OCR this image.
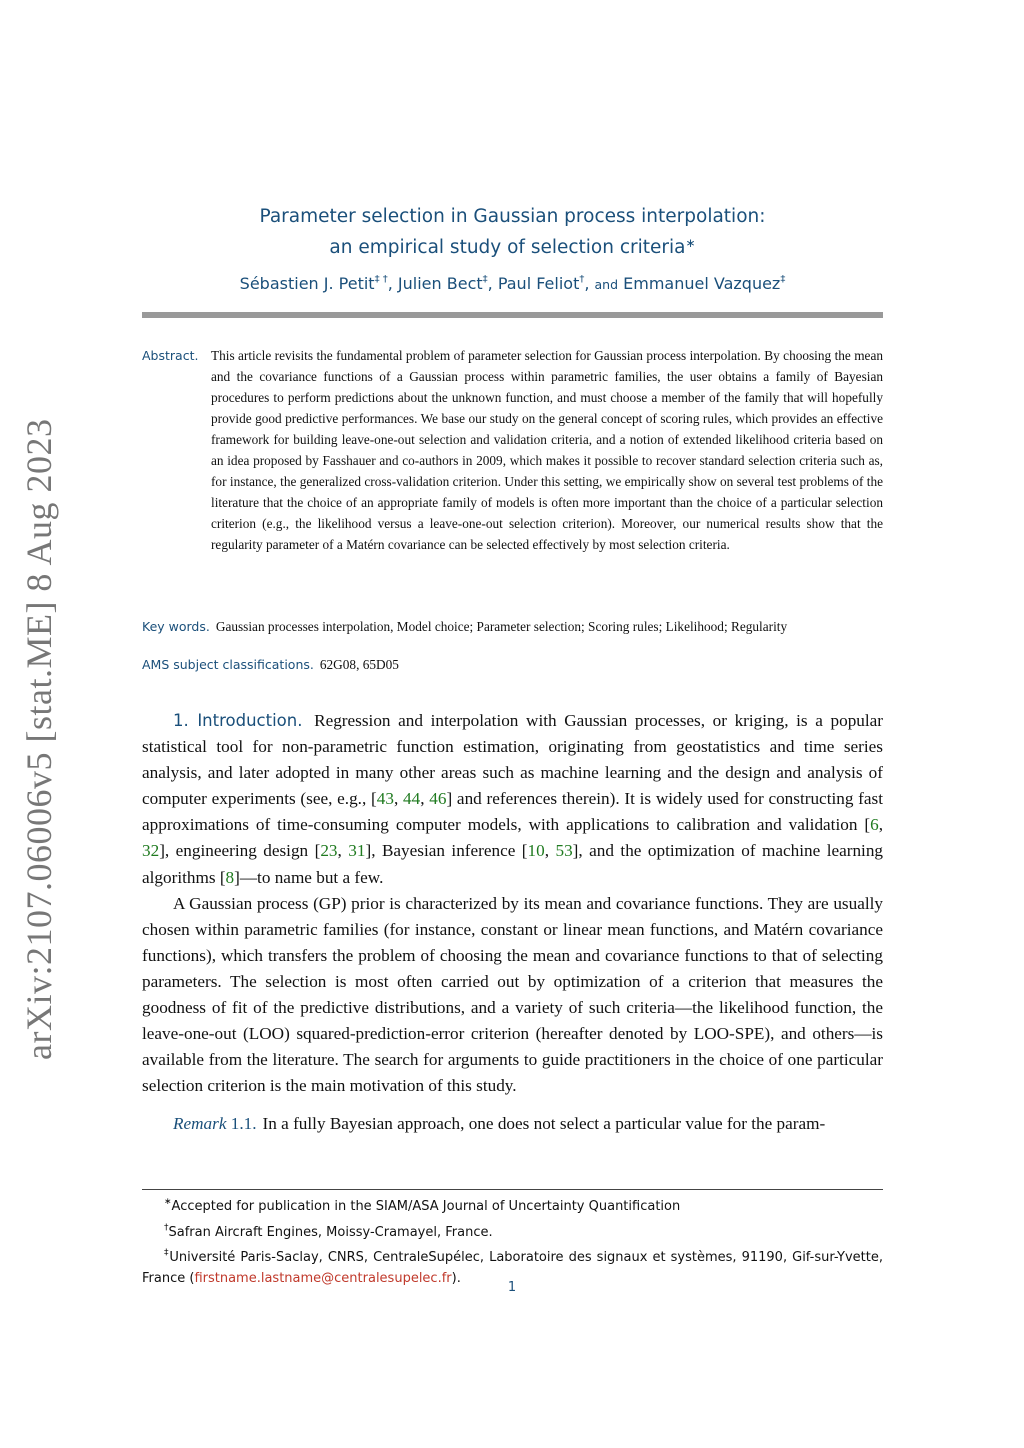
arXiv:2107.06006v5 [stat.ME] 8 Aug 2023
Parameter selection in Gaussian process interpolation:
an empirical study of selection criteria∗
Sébastien J. Petit‡ †, Julien Bect‡, Paul Feliot†, and Emmanuel Vazquez‡
Abstract. This article revisits the fundamental problem of parameter selection for Gaussian process interpolation. By choosing the mean and the covariance functions of a Gaussian process within parametric families, the user obtains a family of Bayesian procedures to perform predictions about the unknown function, and must choose a member of the family that will hopefully provide good predictive performances. We base our study on the general concept of scoring rules, which provides an effective framework for building leave-one-out selection and validation criteria, and a notion of extended likelihood criteria based on an idea proposed by Fasshauer and co-authors in 2009, which makes it possible to recover standard selection criteria such as, for instance, the generalized cross-validation criterion. Under this setting, we empirically show on several test problems of the literature that the choice of an appropriate family of models is often more important than the choice of a particular selection criterion (e.g., the likelihood versus a leave-one-out selection criterion). Moreover, our numerical results show that the regularity parameter of a Matérn covariance can be selected effectively by most selection criteria.
Key words. Gaussian processes interpolation, Model choice; Parameter selection; Scoring rules; Likelihood; Regularity
AMS subject classifications. 62G08, 65D05

1. Introduction. Regression and interpolation with Gaussian processes, or kriging, is a popular statistical tool for non-parametric function estimation, originating from geostatistics and time series analysis, and later adopted in many other areas such as machine learning and the design and analysis of computer experiments (see, e.g., [43, 44, 46] and references therein). It is widely used for constructing fast approximations of time-consuming computer models, with applications to calibration and validation [6, 32], engineering design [23, 31], Bayesian inference [10, 53], and the optimization of machine learning algorithms [8]—to name but a few.

A Gaussian process (GP) prior is characterized by its mean and covariance functions. They are usually chosen within parametric families (for instance, constant or linear mean functions, and Matérn covariance functions), which transfers the problem of choosing the mean and covariance functions to that of selecting parameters. The selection is most often carried out by optimization of a criterion that measures the goodness of fit of the predictive distributions, and a variety of such criteria—the likelihood function, the leave-one-out (LOO) squared-prediction-error criterion (hereafter denoted by LOO-SPE), and others—is available from the literature. The search for arguments to guide practitioners in the choice of one particular selection criterion is the main motivation of this study.

Remark 1.1. In a fully Bayesian approach, one does not select a particular value for the param-

∗Accepted for publication in the SIAM/ASA Journal of Uncertainty Quantification
†Safran Aircraft Engines, Moissy-Cramayel, France.
‡Université Paris-Saclay, CNRS, CentraleSupélec, Laboratoire des signaux et systèmes, 91190, Gif-sur-Yvette, France (firstname.lastname@centralesupelec.fr).
1
